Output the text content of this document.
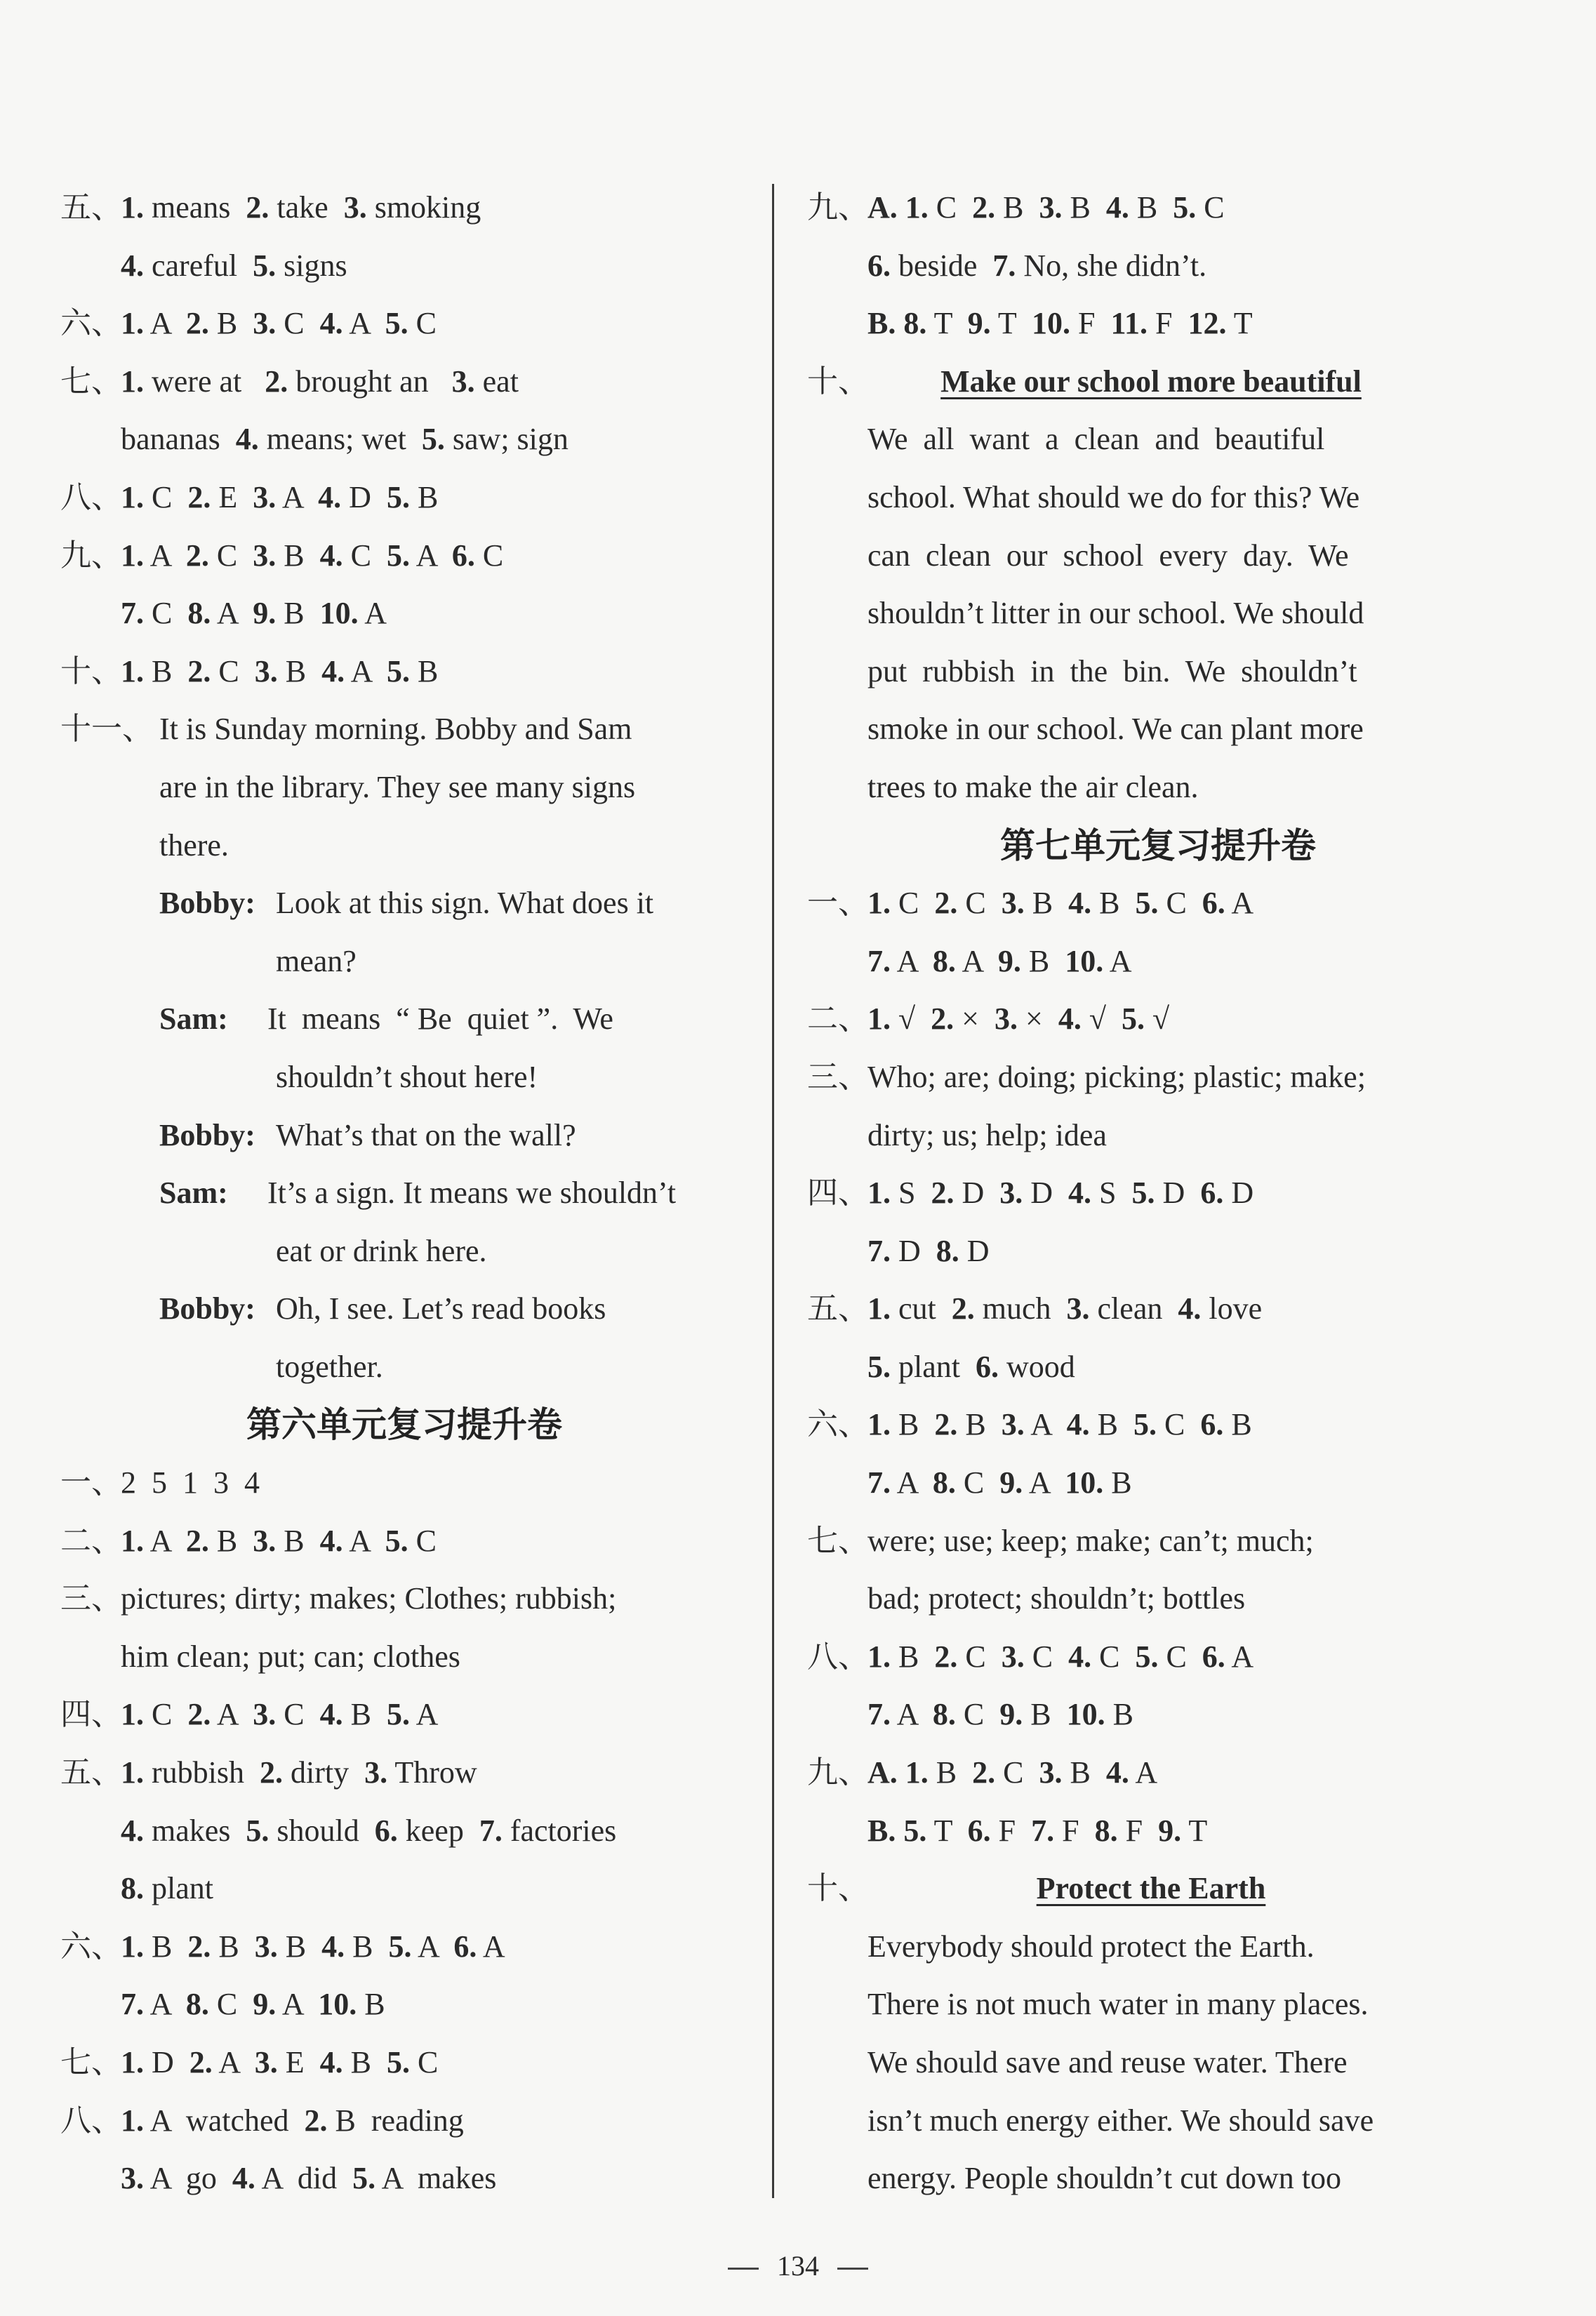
五、
1. means  2. take  3. smoking
4. careful  5. signs
六、
1. A  2. B  3. C  4. A  5. C
七、
1. were at   2. brought an   3. eat
bananas  4. means; wet  5. saw; sign
八、
1. C  2. E  3. A  4. D  5. B
九、
1. A  2. C  3. B  4. C  5. A  6. C
7. C  8. A  9. B  10. A
十、
1. B  2. C  3. B  4. A  5. B
十一、 It is Sunday morning. Bobby and Sam
are in the library. They see many signs
there.
Bobby: Look at this sign. What does it
mean?
Sam: It  means  “ Be  quiet ”.  We
shouldn’t shout here!
Bobby: What’s that on the wall?
Sam: It’s a sign. It means we shouldn’t
eat or drink here.
Bobby: Oh, I see. Let’s read books
together.
第六单元复习提升卷
一、
2  5  1  3  4
二、
1. A  2. B  3. B  4. A  5. C
三、
pictures; dirty; makes; Clothes; rubbish;
him clean; put; can; clothes
四、
1. C  2. A  3. C  4. B  5. A
五、
1. rubbish  2. dirty  3. Throw
4. makes  5. should  6. keep  7. factories
8. plant
六、
1. B  2. B  3. B  4. B  5. A  6. A
7. A  8. C  9. A  10. B
七、
1. D  2. A  3. E  4. B  5. C
八、
1. A  watched  2. B  reading
3. A  go  4. A  did  5. A  makes
九、
A. 1. C  2. B  3. B  4. B  5. C
6. beside  7. No, she didn’t.
B. 8. T  9. T  10. F  11. F  12. T
十、	Make our school more beautiful
We  all  want  a  clean  and  beautiful
school. What should we do for this? We
can  clean  our  school  every  day.  We
shouldn’t litter in our school. We should
put  rubbish  in  the  bin.  We  shouldn’t
smoke in our school. We can plant more
trees to make the air clean.
第七单元复习提升卷
一、
1. C  2. C  3. B  4. B  5. C  6. A
7. A  8. A  9. B  10. A
二、
1. √  2. ×  3. ×  4. √  5. √
三、
Who; are; doing; picking; plastic; make;
dirty; us; help; idea
四、
1. S  2. D  3. D  4. S  5. D  6. D
7. D  8. D
五、
1. cut  2. much  3. clean  4. love
5. plant  6. wood
六、
1. B  2. B  3. A  4. B  5. C  6. B
7. A  8. C  9. A  10. B
七、
were; use; keep; make; can’t; much;
bad; protect; shouldn’t; bottles
八、
1. B  2. C  3. C  4. C  5. C  6. A
7. A  8. C  9. B  10. B
九、
A. 1. B  2. C  3. B  4. A
B. 5. T  6. F  7. F  8. F  9. T
十、	Protect the Earth
Everybody should protect the Earth.
There is not much water in many places.
We should save and reuse water. There
isn’t much energy either. We should save
energy. People shouldn’t cut down too
134
